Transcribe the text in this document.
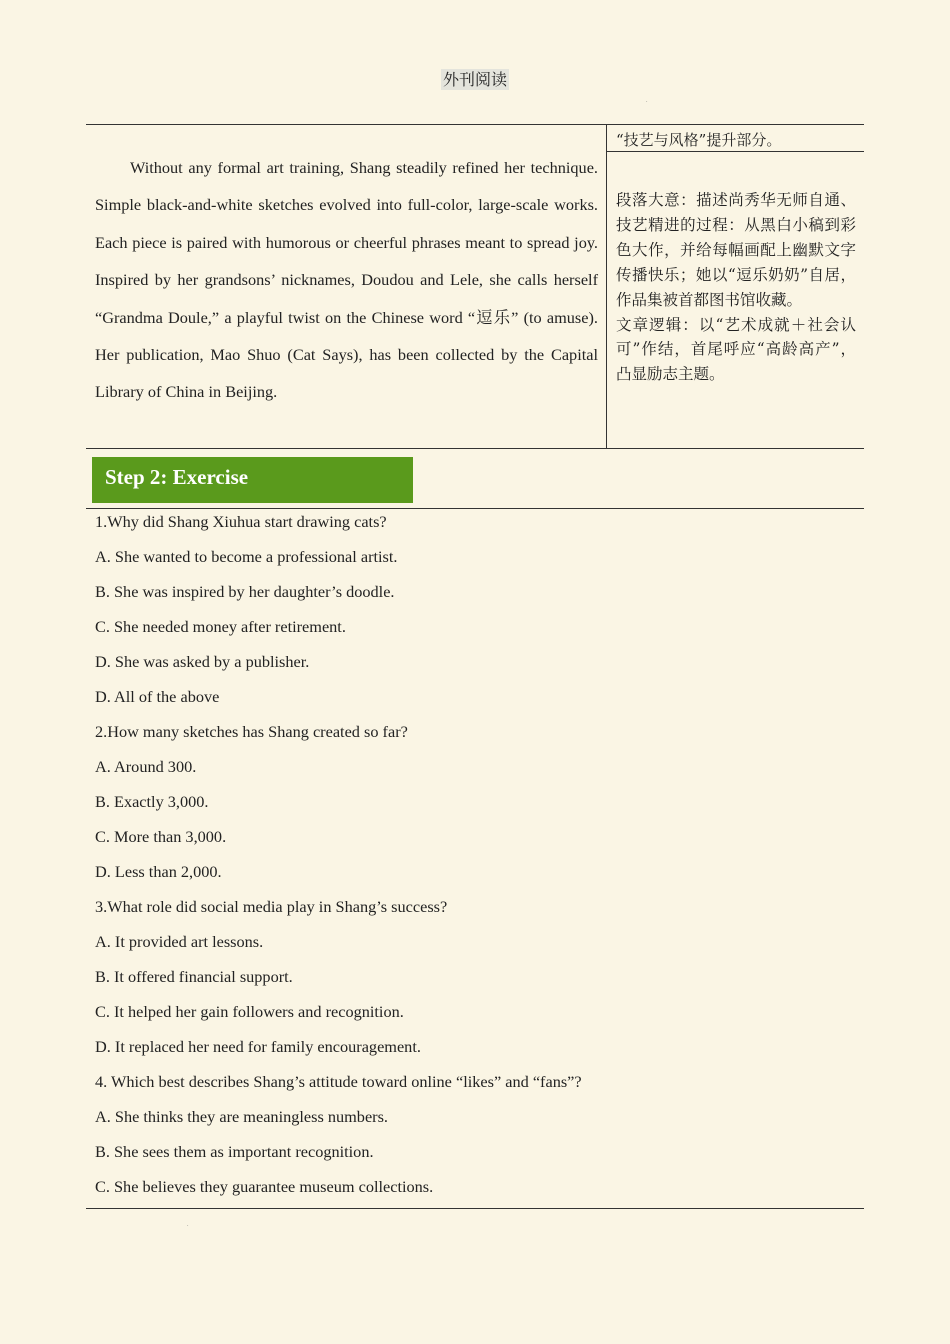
外刊阅读
.
“技艺与风格”提升部分。
Without any formal art training, Shang steadily refined her technique. Simple black-and-white sketches evolved into full-color, large-scale works. Each piece is paired with humorous or cheerful phrases meant to spread joy. Inspired by her grandsons’ nicknames, Doudou and Lele, she calls herself “Grandma Doule,” a playful twist on the Chinese word “逗乐” (to amuse). Her publication, Mao Shuo (Cat Says), has been collected by the Capital Library of China in Beijing.

段落大意：描述尚秀华无师自通、技艺精进的过程：从黑白小稿到彩色大作，并给每幅画配上幽默文字传播快乐；她以“逗乐奶奶”自居，作品集被首都图书馆收藏。

文章逻辑：以“艺术成就＋社会认可”作结，首尾呼应“高龄高产”，凸显励志主题。

Step 2: Exercise
1.Why did Shang Xiuhua start drawing cats?
A. She wanted to become a professional artist.
B. She was inspired by her daughter’s doodle.
C. She needed money after retirement.
D. She was asked by a publisher.
D. All of the above
2.How many sketches has Shang created so far?
A. Around 300.
B. Exactly 3,000.
C. More than 3,000.
D. Less than 2,000.
3.What role did social media play in Shang’s success?
A. It provided art lessons.
B. It offered financial support.
C. It helped her gain followers and recognition.
D. It replaced her need for family encouragement.
4. Which best describes Shang’s attitude toward online “likes” and “fans”?
A. She thinks they are meaningless numbers.
B. She sees them as important recognition.
C. She believes they guarantee museum collections.
.
